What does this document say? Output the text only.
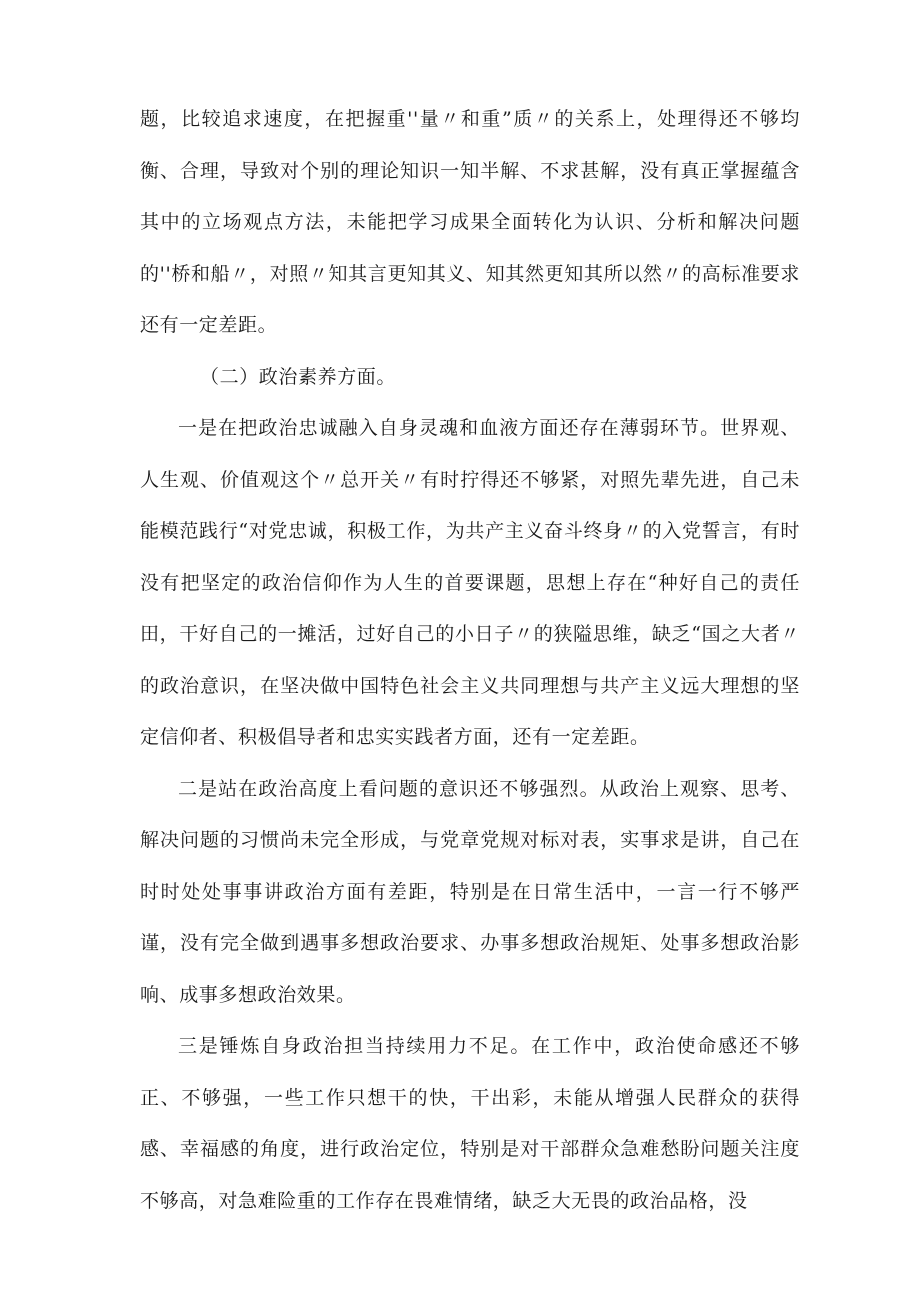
题，比较追求速度，在把握重''量〃和重”质〃的关系上，处理得还不够均衡、合理，导致对个别的理论知识一知半解、不求甚解，没有真正掌握蕴含其中的立场观点方法，未能把学习成果全面转化为认识、分析和解决问题的''桥和船〃，对照〃知其言更知其义、知其然更知其所以然〃的高标准要求还有一定差距。

（二）政治素养方面。

一是在把政治忠诚融入自身灵魂和血液方面还存在薄弱环节。世界观、人生观、价值观这个〃总开关〃有时拧得还不够紧，对照先辈先进，自己未能模范践行“对党忠诚，积极工作，为共产主义奋斗终身〃的入党誓言，有时没有把坚定的政治信仰作为人生的首要课题，思想上存在“种好自己的责任田，干好自己的一摊活，过好自己的小日子〃的狭隘思维，缺乏“国之大者〃的政治意识，在坚决做中国特色社会主义共同理想与共产主义远大理想的坚定信仰者、积极倡导者和忠实实践者方面，还有一定差距。

二是站在政治高度上看问题的意识还不够强烈。从政治上观察、思考、解决问题的习惯尚未完全形成，与党章党规对标对表，实事求是讲，自己在时时处处事事讲政治方面有差距，特别是在日常生活中，一言一行不够严谨，没有完全做到遇事多想政治要求、办事多想政治规矩、处事多想政治影响、成事多想政治效果。

三是锤炼自身政治担当持续用力不足。在工作中，政治使命感还不够正、不够强，一些工作只想干的快，干出彩，未能从增强人民群众的获得感、幸福感的角度，进行政治定位，特别是对干部群众急难愁盼问题关注度不够高，对急难险重的工作存在畏难情绪，缺乏大无畏的政治品格，没
